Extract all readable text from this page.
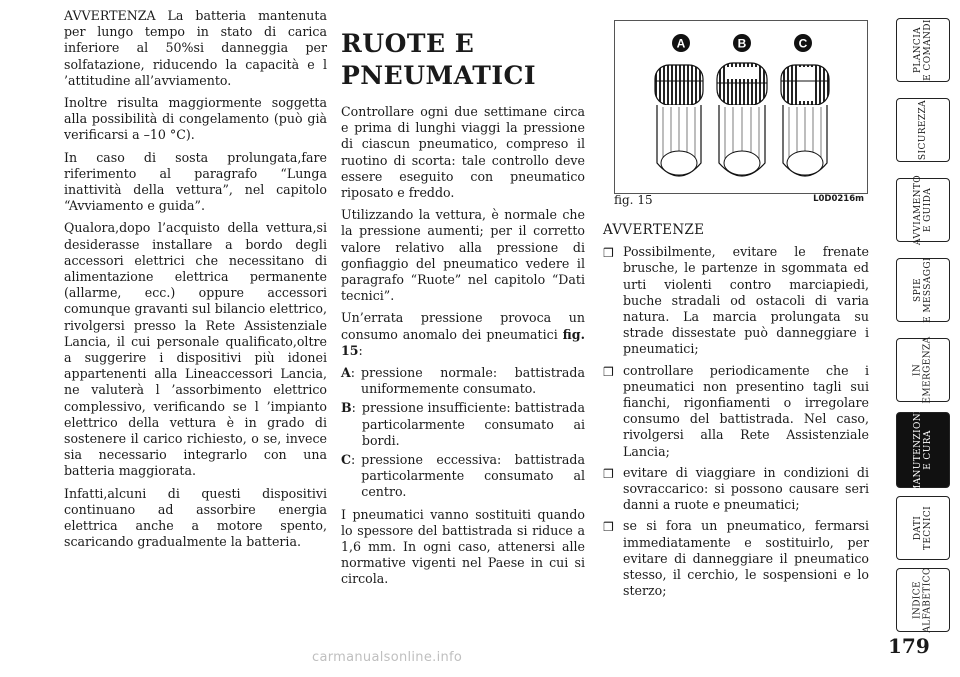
AVVERTENZA La batteria mantenuta per lungo tempo in stato di carica inferiore al 50%si danneggia per solfatazione, riducendo la capacità e l ’attitudine all’avviamento.

Inoltre risulta maggiormente soggetta alla possibilità di congelamento (può già verificarsi a –10 °C).

In caso di sosta prolungata,fare riferimento al paragrafo “Lunga inattività della vettura”, nel capitolo “Avviamento e guida”.

Qualora,dopo l’acquisto della vettura,si desiderasse installare a bordo degli accessori elettrici che necessitano di alimentazione elettrica permanente (allarme, ecc.) oppure accessori comunque gravanti sul bilancio elettrico, rivolgersi presso la Rete Assistenziale Lancia, il cui personale qualificato,oltre a suggerire i dispositivi più idonei appartenenti alla Lineaccessori Lancia, ne valuterà l ’assorbimento elettrico complessivo, verificando se l ’impianto elettrico della vettura è in grado di sostenere il carico richiesto, o se, invece sia necessario integrarlo con una batteria maggiorata.

Infatti,alcuni di questi dispositivi continuano ad assorbire energia elettrica anche a motore spento, scaricando gradualmente la batteria.

RUOTE E
PNEUMATICI

Controllare ogni due settimane circa e prima di lunghi viaggi la pressione di ciascun pneumatico, compreso il ruotino di scorta: tale controllo deve essere eseguito con pneumatico riposato e freddo.

Utilizzando la vettura, è normale che la pressione aumenti; per il corretto valore relativo alla pressione di gonfiaggio del pneumatico vedere il paragrafo “Ruote” nel capitolo “Dati tecnici”.

Un’errata pressione provoca un consumo anomalo dei pneumatici fig. 15:

A : pressione normale: battistrada uniformemente consumato.
B : pressione insufficiente: battistrada particolarmente consumato ai bordi.
C : pressione eccessiva: battistrada particolarmente consumato al centro.

I pneumatici vanno sostituiti quando lo spessore del battistrada si riduce a 1,6 mm. In ogni caso, attenersi alle normative vigenti nel Paese in cui si circola.

A	B	C
fig. 15	L0D0216m
AVVERTENZE
❒ Possibilmente, evitare le frenate brusche, le partenze in sgommata ed urti violenti contro marciapiedi, buche stradali od ostacoli di varia natura. La marcia prolungata su strade dissestate può danneggiare i pneumatici;
❒ controllare periodicamente che i pneumatici non presentino tagli sui fianchi, rigonfiamenti o irregolare consumo del battistrada. Nel caso, rivolgersi alla Rete Assistenziale Lancia;
❒ evitare di viaggiare in condizioni di sovraccarico: si possono causare seri danni a ruote e pneumatici;
❒ se si fora un pneumatico, fermarsi immediatamente e sostituirlo, per evitare di danneggiare il pneumatico stesso, il cerchio, le sospensioni e lo sterzo;
PLANCIA E COMANDI
SICUREZZA
AVVIAMENTO E GUIDA
SPIE E MESSAGGI
IN EMERGENZA
MANUTENZIONE E CURA
DATI TECNICI
INDICE ALFABETICO
179
carmanualsonline.info
